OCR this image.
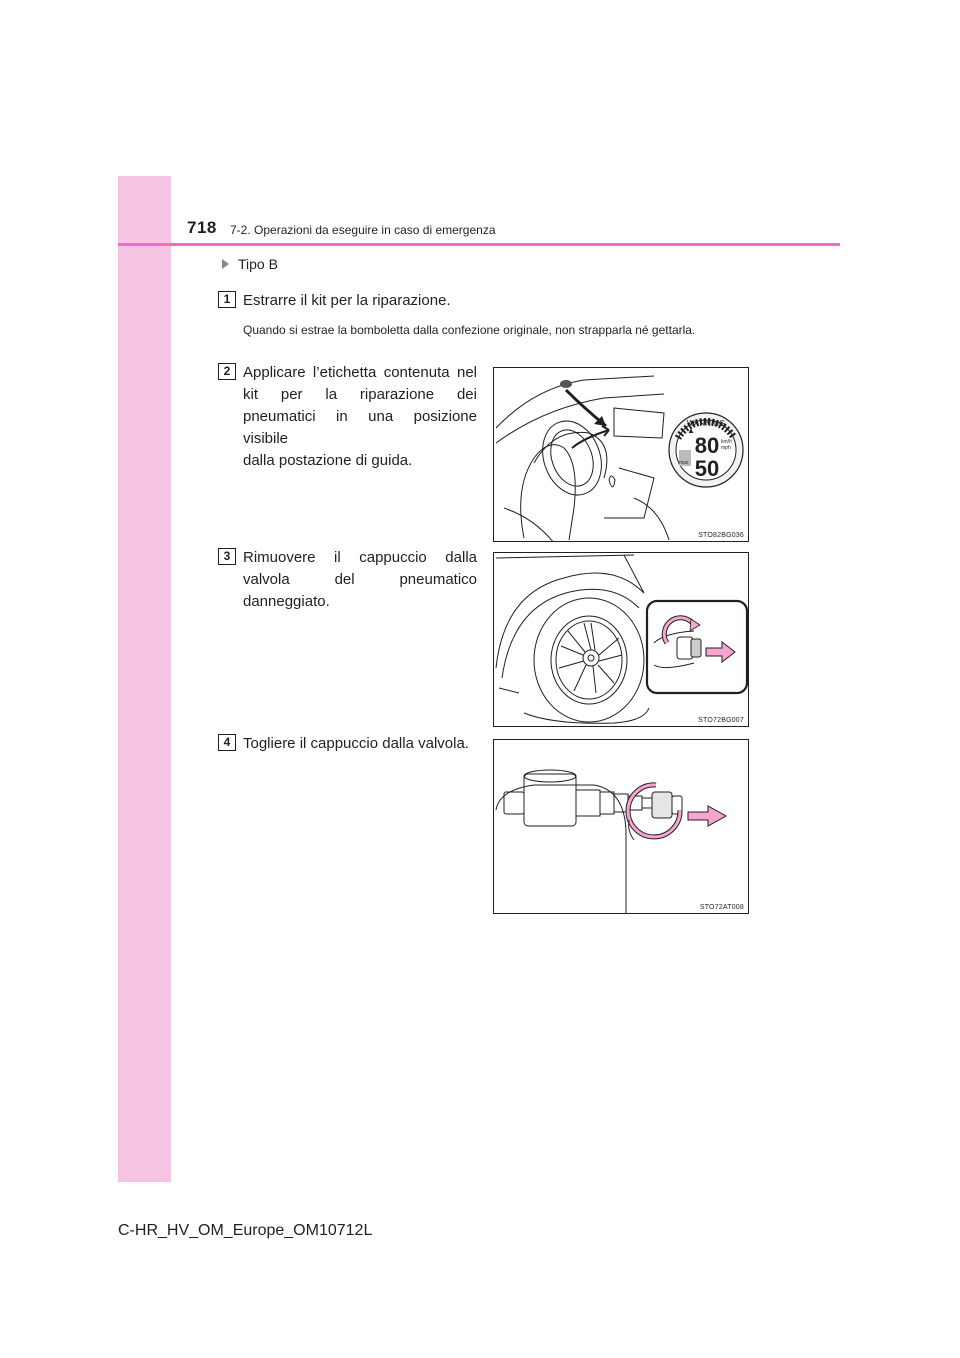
718 7-2. Operazioni da eseguire in caso di emergenza
Tipo B
1 Estrarre il kit per la riparazione.
Quando si estrae la bomboletta dalla confezione originale, non strapparla né gettarla.
2 Applicare l’etichetta contenuta nel
kit per la riparazione dei
pneumatici in una posizione visibile
dalla postazione di guida.
3 Rimuovere il cappuccio dalla
valvola del pneumatico
danneggiato.
4 Togliere il cappuccio dalla valvola.
▲
WARNING
80
50
km/h
mph
max
STO82BG036
STO72BG007
STO72AT008
C-HR_HV_OM_Europe_OM10712L
